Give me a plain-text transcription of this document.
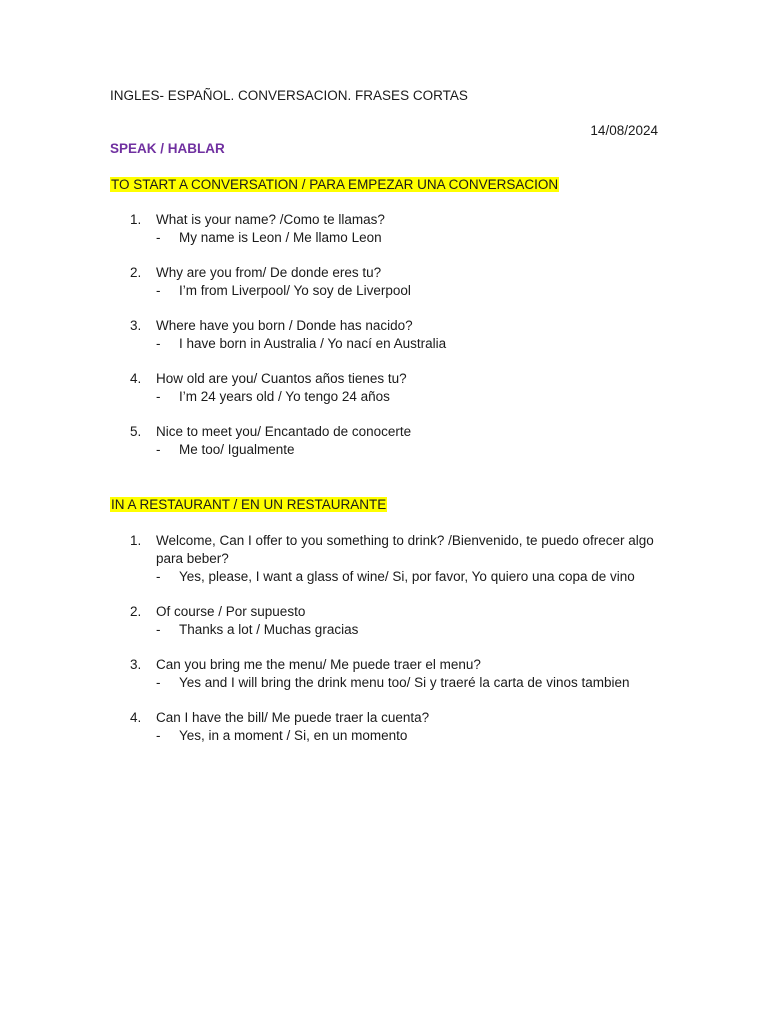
INGLES- ESPAÑOL. CONVERSACION. FRASES CORTAS
14/08/2024
SPEAK / HABLAR
TO START A CONVERSATION / PARA EMPEZAR UNA CONVERSACION
1. What is your name? /Como te llamas?
- My name is Leon / Me llamo Leon
2. Why are you from/ De donde eres tu?
- I’m from Liverpool/ Yo soy de Liverpool
3. Where have you born / Donde has nacido?
- I have born in Australia / Yo nací en Australia
4. How old are you/ Cuantos años tienes tu?
- I’m 24 years old / Yo tengo 24 años
5. Nice to meet you/ Encantado de conocerte
- Me too/ Igualmente
IN A RESTAURANT / EN UN RESTAURANTE
1. Welcome, Can I offer to you something to drink? /Bienvenido, te puedo ofrecer algo para beber?
- Yes, please, I want a glass of wine/ Si, por favor, Yo quiero una copa de vino
2. Of course / Por supuesto
- Thanks a lot / Muchas gracias
3. Can you bring me the menu/ Me puede traer el menu?
- Yes and I will bring the drink menu too/ Si y traeré la carta de vinos tambien
4. Can I have the bill/ Me puede traer la cuenta?
- Yes, in a moment / Si, en un momento
